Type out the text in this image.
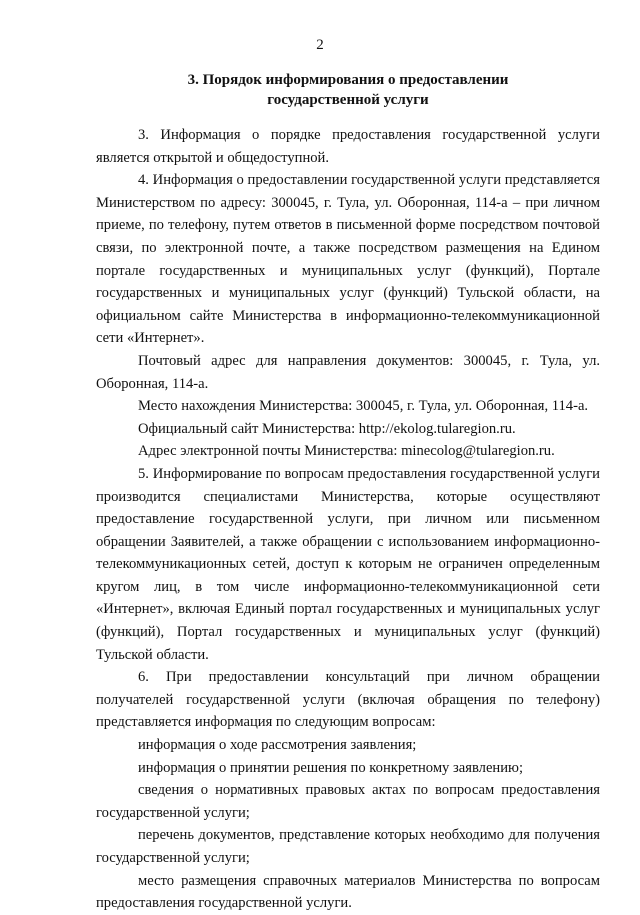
2
3. Порядок информирования о предоставлении
государственной услуги

3. Информация о порядке предоставления государственной услуги является открытой и общедоступной.

4. Информация о предоставлении государственной услуги представляется Министерством по адресу: 300045, г. Тула, ул. Оборонная, 114-а – при личном приеме, по телефону, путем ответов в письменной форме посредством почтовой связи, по электронной почте, а также посредством размещения на Едином портале государственных и муниципальных услуг (функций), Портале государственных и муниципальных услуг (функций) Тульской области, на официальном сайте Министерства в информационно-телекоммуникационной сети «Интернет».

Почтовый адрес для направления документов: 300045, г. Тула, ул. Оборонная, 114-а.

Место нахождения Министерства: 300045, г. Тула, ул. Оборонная, 114-а.

Официальный сайт Министерства: http://ekolog.tularegion.ru.

Адрес электронной почты Министерства: minecolog@tularegion.ru.

5. Информирование по вопросам предоставления государственной услуги производится специалистами Министерства, которые осуществляют предоставление государственной услуги, при личном или письменном обращении Заявителей, а также обращении с использованием информационно-телекоммуникационных сетей, доступ к которым не ограничен определенным кругом лиц, в том числе информационно-телекоммуникационной сети «Интернет», включая Единый портал государственных и муниципальных услуг (функций), Портал государственных и муниципальных услуг (функций) Тульской области.

6. При предоставлении консультаций при личном обращении получателей государственной услуги (включая обращения по телефону) представляется информация по следующим вопросам:

информация о ходе рассмотрения заявления;

информация о принятии решения по конкретному заявлению;

сведения о нормативных правовых актах по вопросам предоставления государственной услуги;

перечень документов, представление которых необходимо для получения государственной услуги;

место размещения справочных материалов Министерства по вопросам предоставления государственной услуги.
